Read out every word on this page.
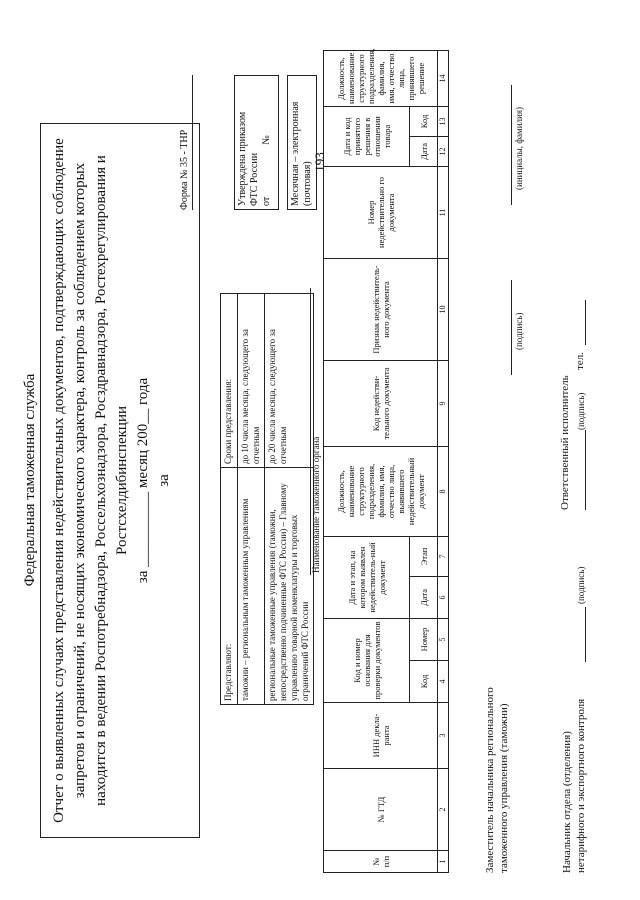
193
Федеральная таможенная служба Отчет о выявленных случаях представления недействительных документов, подтверждающих соблюдение запретов и ограничений, не носящих экономического характера, контроль за соблюдением которых находится в ведении Роспотребнадзора, Россельхознадзора, Росздравнадзора, Ростехрегулирования и Ростсхелдибинспекции за __________ месяц 200__ года за
Форма № 35 - ТНР	Утверждена приказом ФТС России от№ Месячная – электронная (почтовая)
Представляют:	Сроки представления:
таможни – региональным таможенным управлениям	до 10 числа месяца, следующего за отчетным
региональные таможенные управления (таможни, непосредственно подчиненные ФТС России) – Главному управлению товарной номенклатуры и торговых ограничений ФТС России	до 20 числа месяца, следующего за отчетным	Наименование таможенного органа
№ п/п	№ ГТД	ИНН декла-ранта	Код и номер основания для проверки документов		Дата и этап, на котором выявлен недействитель-ный документ		Должность, наименование структурного подразделения, фамилия, имя, отчество лица, выявившего недействительный документ	Код недействи-тельного документа	Признак недействитель-ного документа	Номер недействительно го документа	Дата и код принятого решения в отношении товара		Должность, наименование структурного подразделения, фамилия, имя, отчество лица, принявшего решение
			Код	Номер	Дата	Этап					Дата	Код	
1	2	3	4	5	6	7	8	9	10	11	12	13	14
Заместитель начальника регионального таможенного управления (таможни)
(подпись)
(инициалы, фамилия)
Начальник отдела (отделения) нетарифного и экспортного контроля
(подпись)
Ответственный исполнитель (подпись)
тел.
